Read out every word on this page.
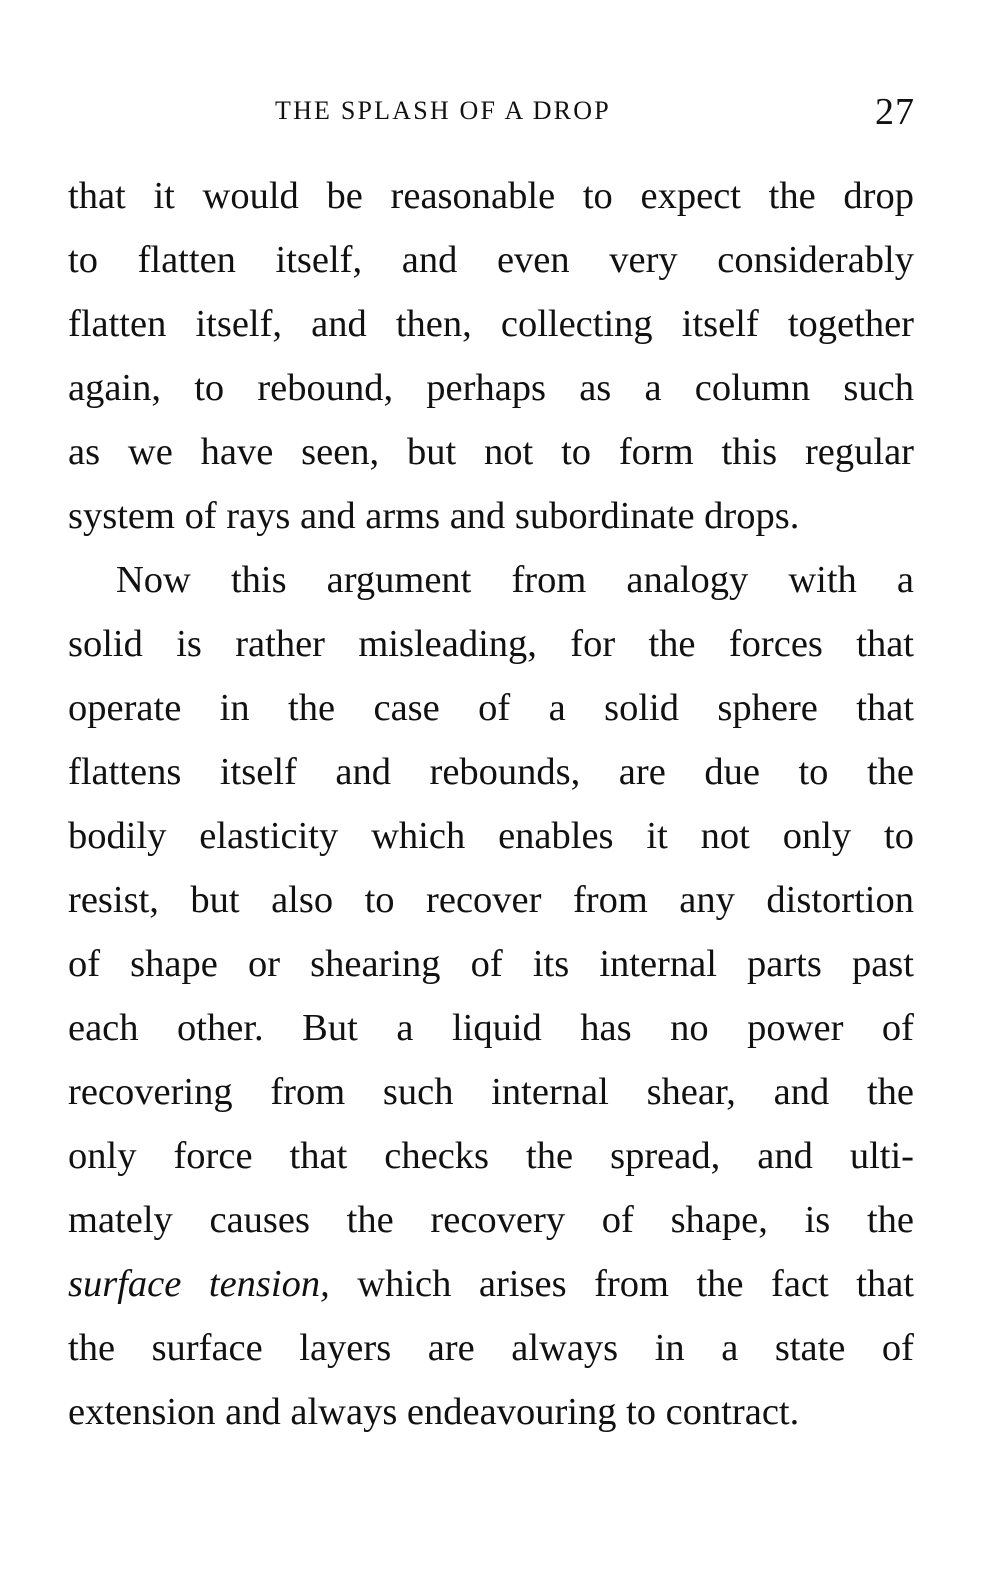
THE SPLASH OF A DROP	27
that it would be reasonable to expect the drop
to flatten itself, and even very considerably
flatten itself, and then, collecting itself together
again, to rebound, perhaps as a column such
as we have seen, but not to form this regular
system of rays and arms and subordinate drops.
Now this argument from analogy with a
solid is rather misleading, for the forces that
operate in the case of a solid sphere that
flattens itself and rebounds, are due to the
bodily elasticity which enables it not only to
resist, but also to recover from any distortion
of shape or shearing of its internal parts past
each other. But a liquid has no power of
recovering from such internal shear, and the
only force that checks the spread, and ulti-
mately causes the recovery of shape, is the
surface tension, which arises from the fact that
the surface layers are always in a state of
extension and always endeavouring to contract.
